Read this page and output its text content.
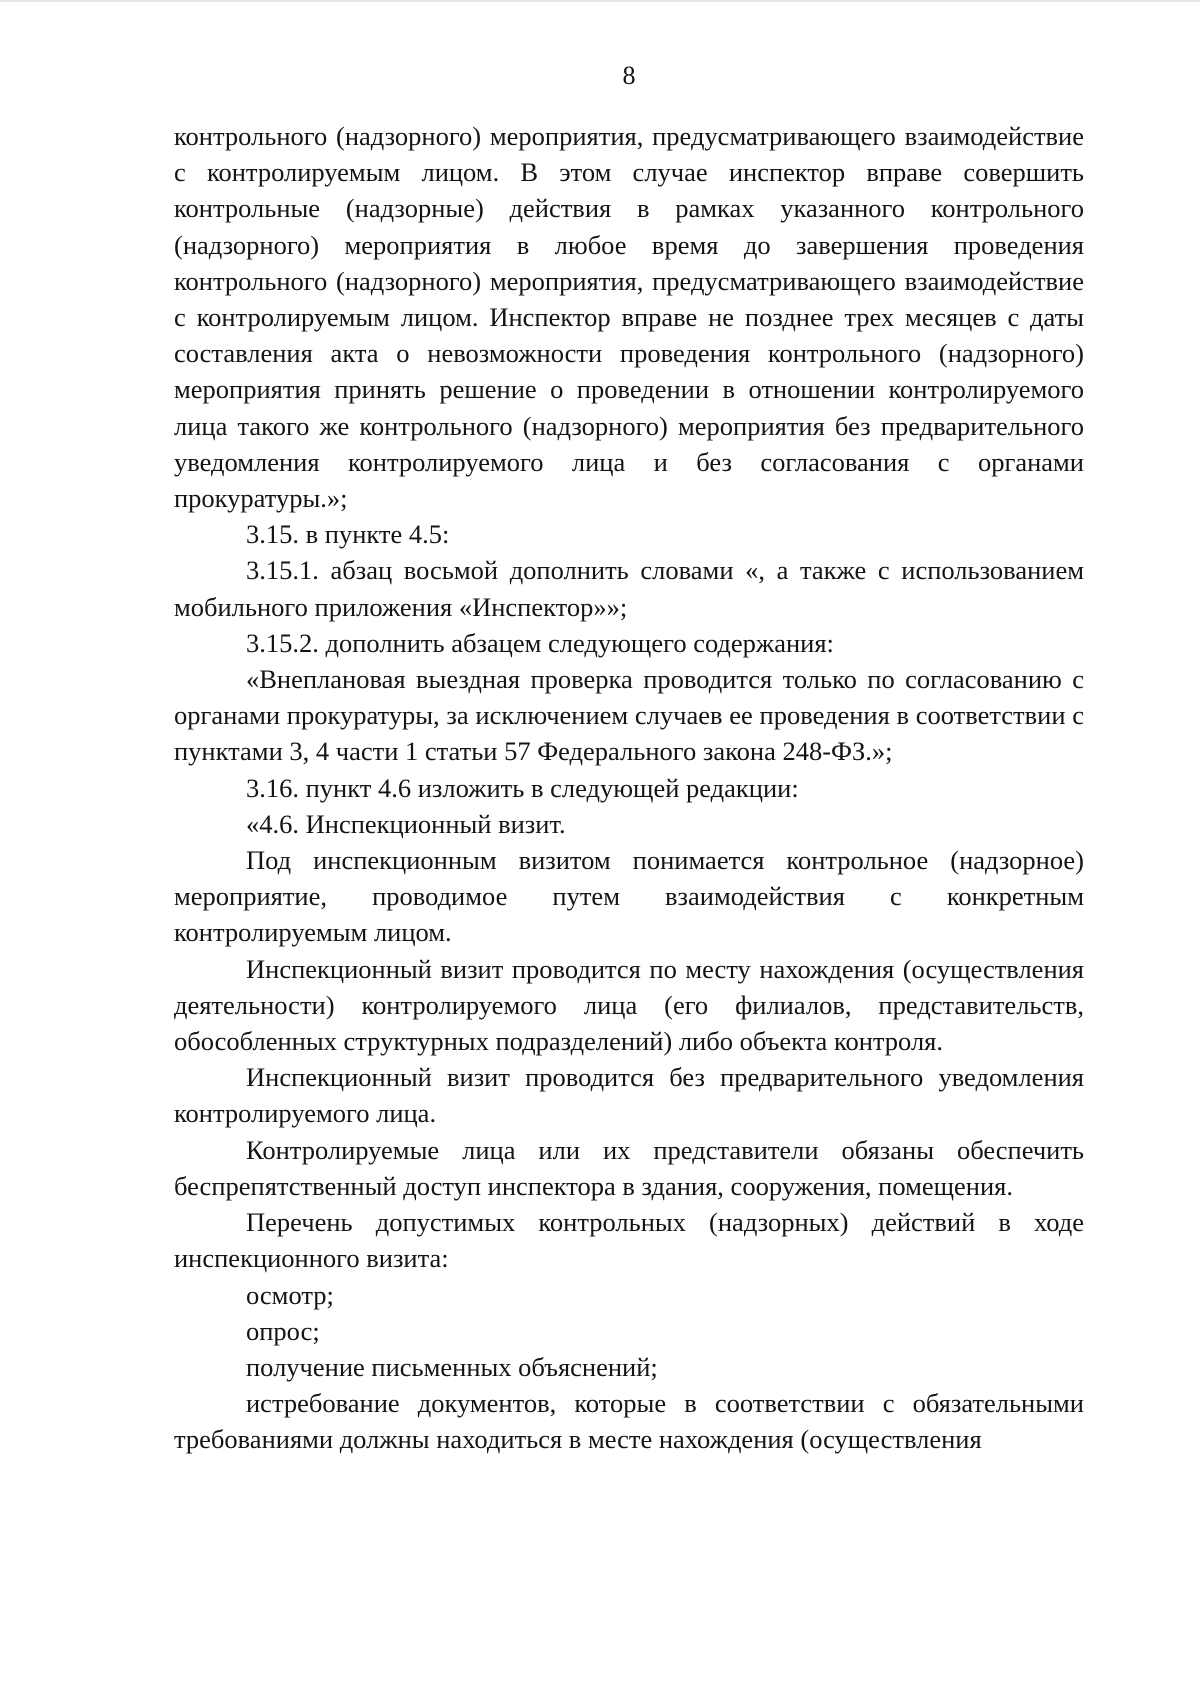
8

контрольного (надзорного) мероприятия, предусматривающего взаимодействие с контролируемым лицом. В этом случае инспектор вправе совершить контрольные (надзорные) действия в рамках указанного контрольного (надзорного) мероприятия в любое время до завершения проведения контрольного (надзорного) мероприятия, предусматривающего взаимодействие с контролируемым лицом. Инспектор вправе не позднее трех месяцев с даты составления акта о невозможности проведения контрольного (надзорного) мероприятия принять решение о проведении в отношении контролируемого лица такого же контрольного (надзорного) мероприятия без предварительного уведомления контролируемого лица и без согласования с органами прокуратуры.»;

3.15. в пункте 4.5:

3.15.1. абзац восьмой дополнить словами «, а также с использованием мобильного приложения «Инспектор»»;

3.15.2. дополнить абзацем следующего содержания:

«Внеплановая выездная проверка проводится только по согласованию с органами прокуратуры, за исключением случаев ее проведения в соответствии с пунктами 3, 4 части 1 статьи 57 Федерального закона 248-ФЗ.»;

3.16. пункт 4.6 изложить в следующей редакции:

«4.6. Инспекционный визит.

Под инспекционным визитом понимается контрольное (надзорное) мероприятие, проводимое путем взаимодействия с конкретным контролируемым лицом.

Инспекционный визит проводится по месту нахождения (осуществления деятельности) контролируемого лица (его филиалов, представительств, обособленных структурных подразделений) либо объекта контроля.

Инспекционный визит проводится без предварительного уведомления контролируемого лица.

Контролируемые лица или их представители обязаны обеспечить беспрепятственный доступ инспектора в здания, сооружения, помещения.

Перечень допустимых контрольных (надзорных) действий в ходе инспекционного визита:

осмотр;

опрос;

получение письменных объяснений;

истребование документов, которые в соответствии с обязательными требованиями должны находиться в месте нахождения (осуществления
